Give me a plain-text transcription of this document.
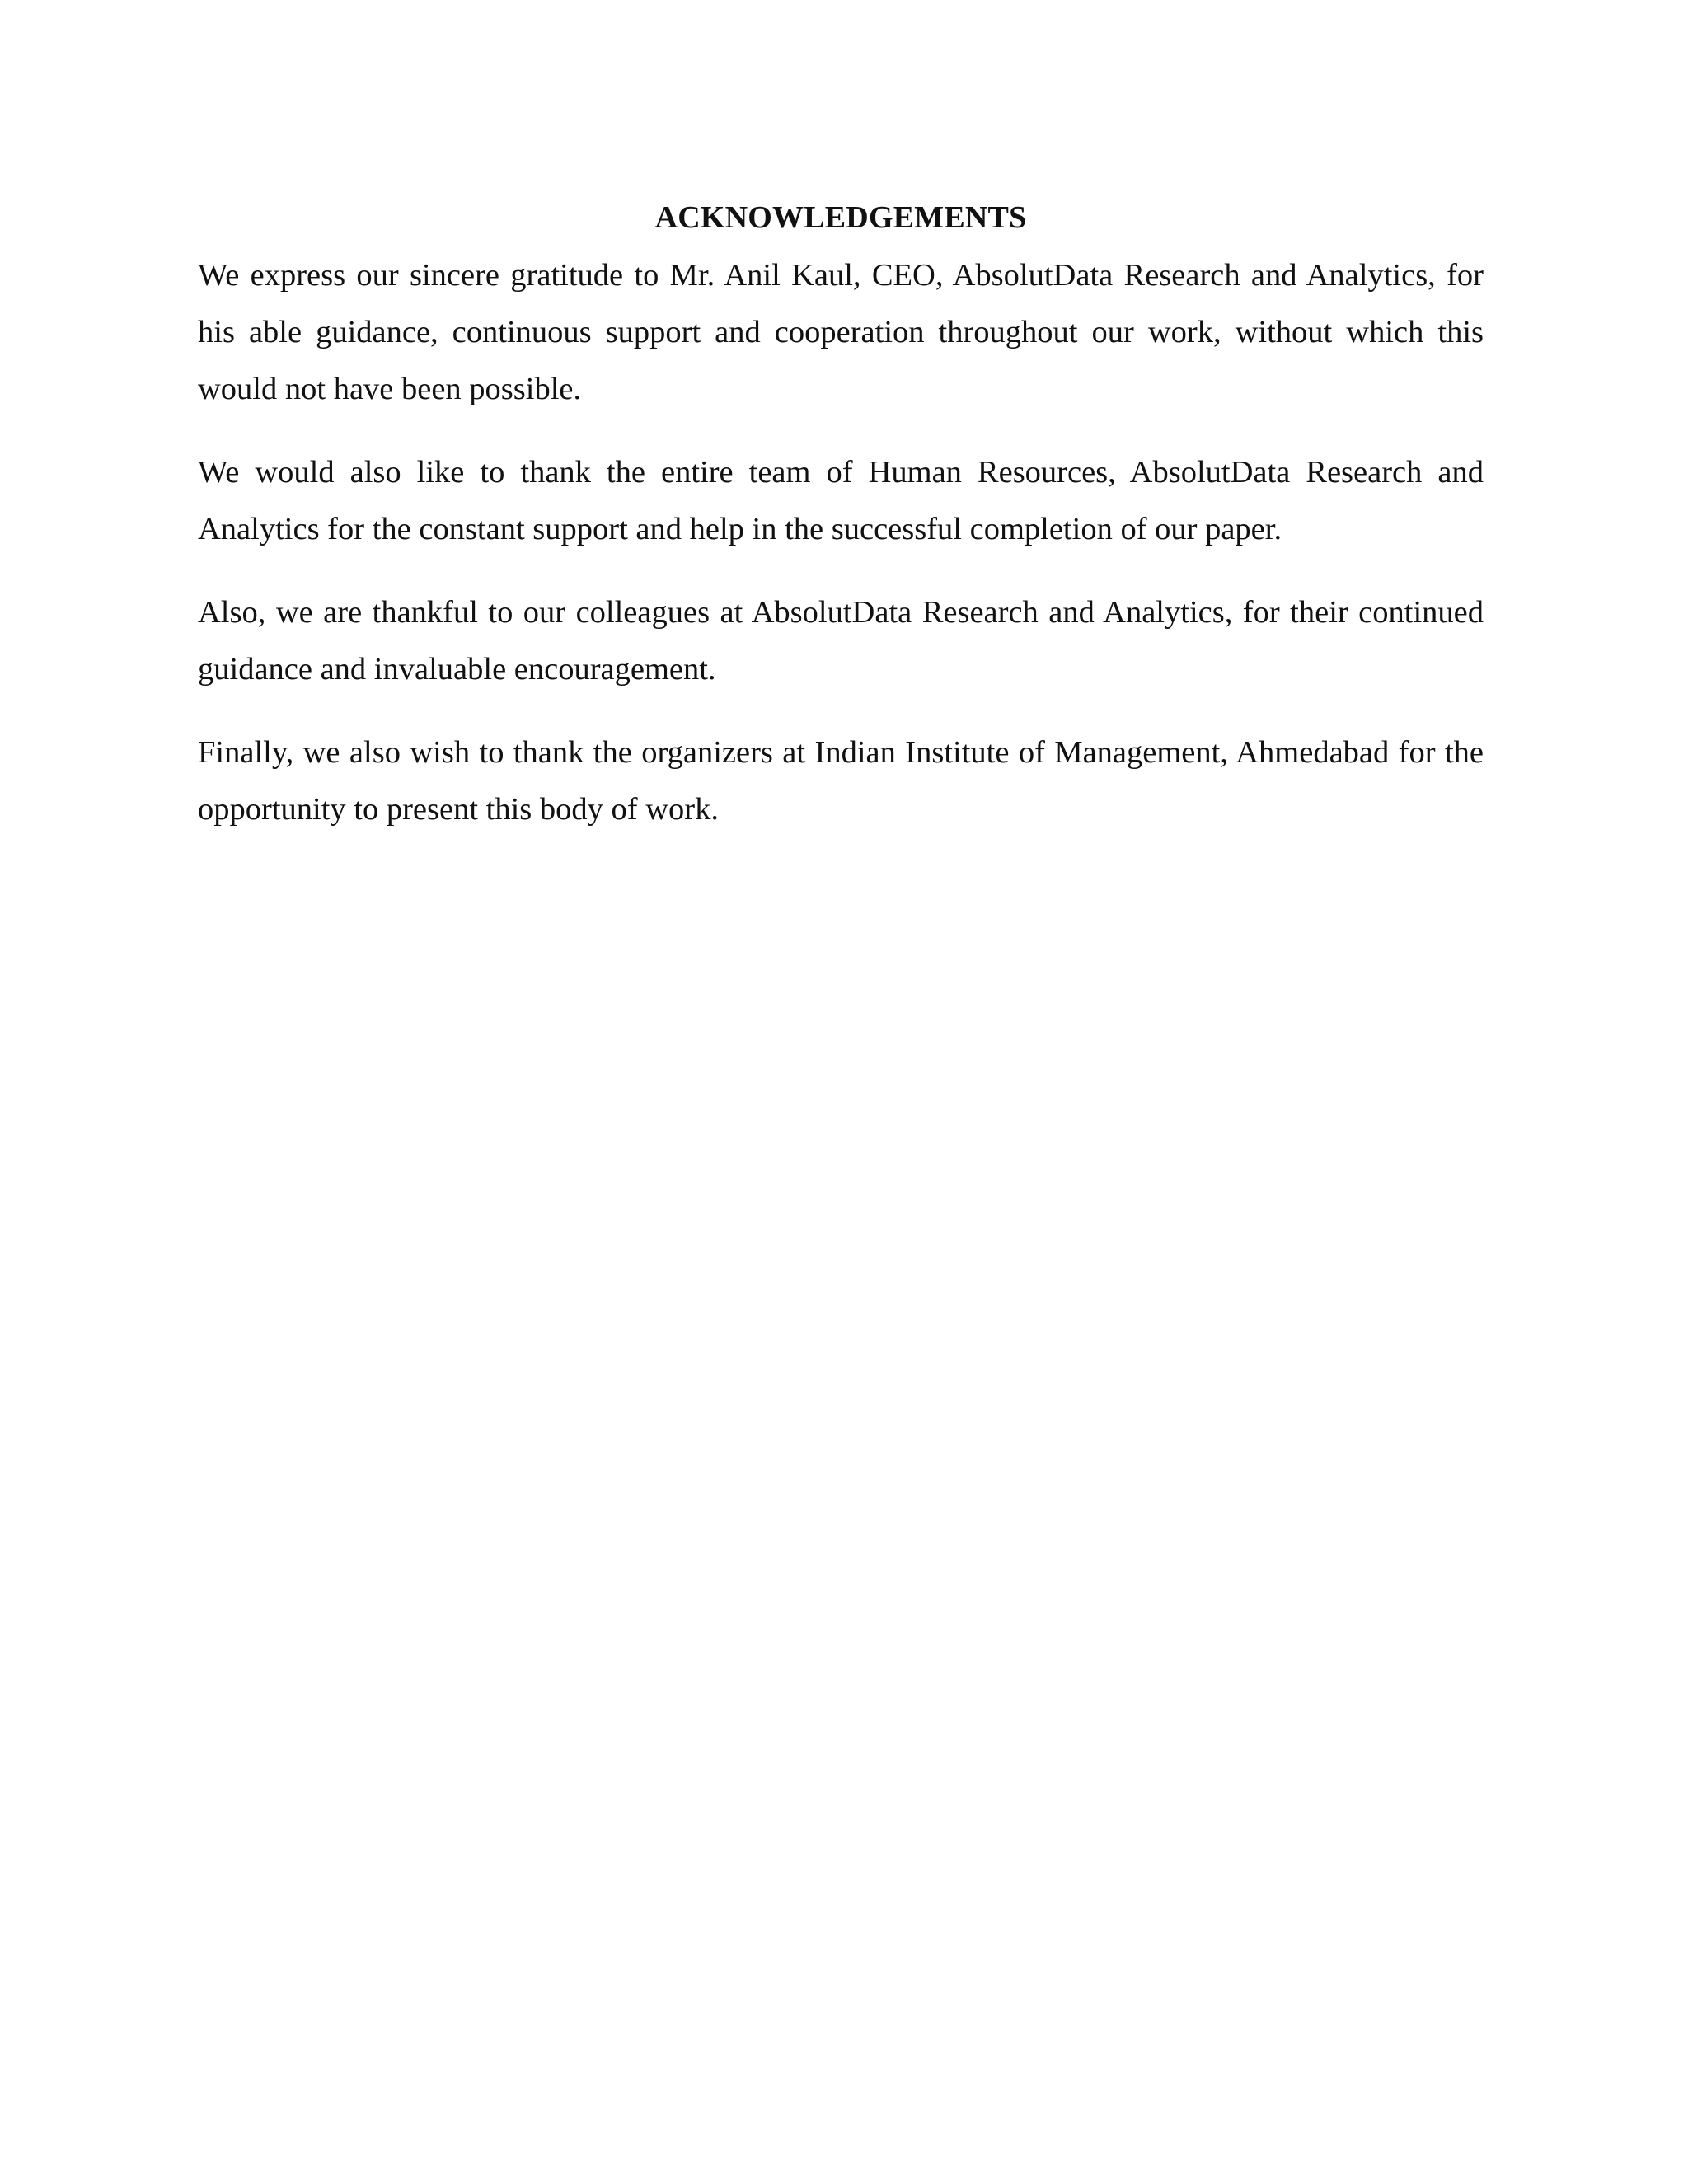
ACKNOWLEDGEMENTS

We express our sincere gratitude to Mr. Anil Kaul, CEO, AbsolutData Research and Analytics, for his able guidance, continuous support and cooperation throughout our work, without which this would not have been possible.

We would also like to thank the entire team of Human Resources, AbsolutData Research and Analytics for the constant support and help in the successful completion of our paper.

Also, we are thankful to our colleagues at AbsolutData Research and Analytics, for their continued guidance and invaluable encouragement.

Finally, we also wish to thank the organizers at Indian Institute of Management, Ahmedabad for the opportunity to present this body of work.
